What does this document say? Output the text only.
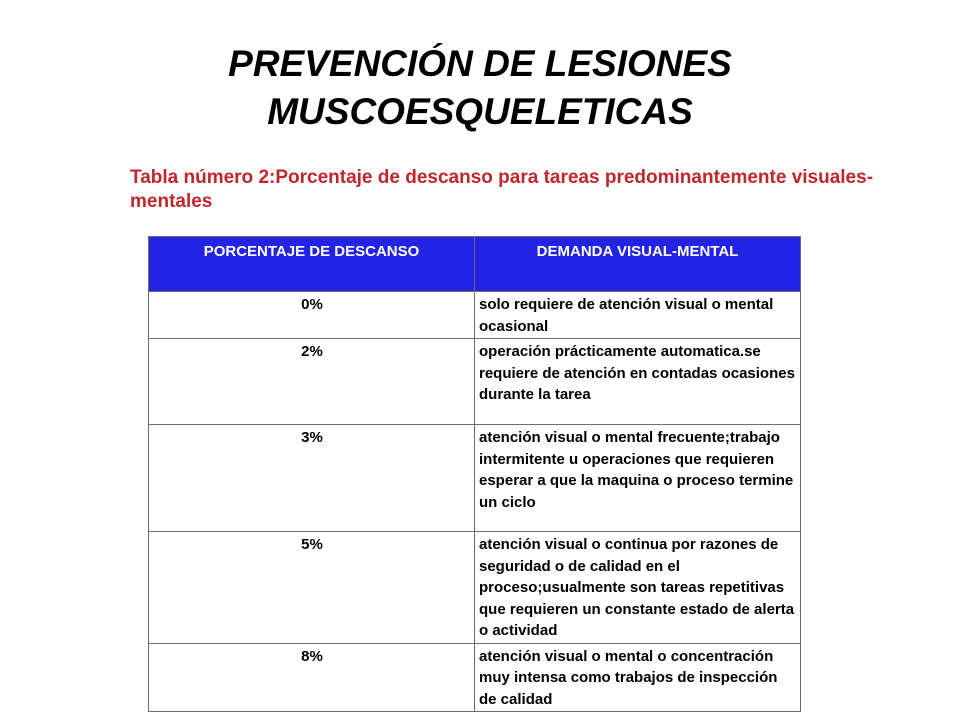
PREVENCIÓN DE LESIONES
MUSCOESQUELETICAS
Tabla número 2:Porcentaje de descanso para tareas predominantemente visuales-mentales
PORCENTAJE DE DESCANSO	DEMANDA VISUAL-MENTAL
0%	solo requiere de atención visual o mental ocasional
2%	operación prácticamente automatica.se requiere de atención en contadas ocasiones durante la tarea
3%	atención visual o mental frecuente;trabajo intermitente u operaciones que requieren esperar a que la maquina o proceso termine un ciclo
5%	atención visual o continua por razones de seguridad o de calidad en el proceso;usualmente son tareas repetitivas que requieren un constante estado de alerta o actividad
8%	atención visual o mental o concentración muy intensa como trabajos de inspección de calidad
